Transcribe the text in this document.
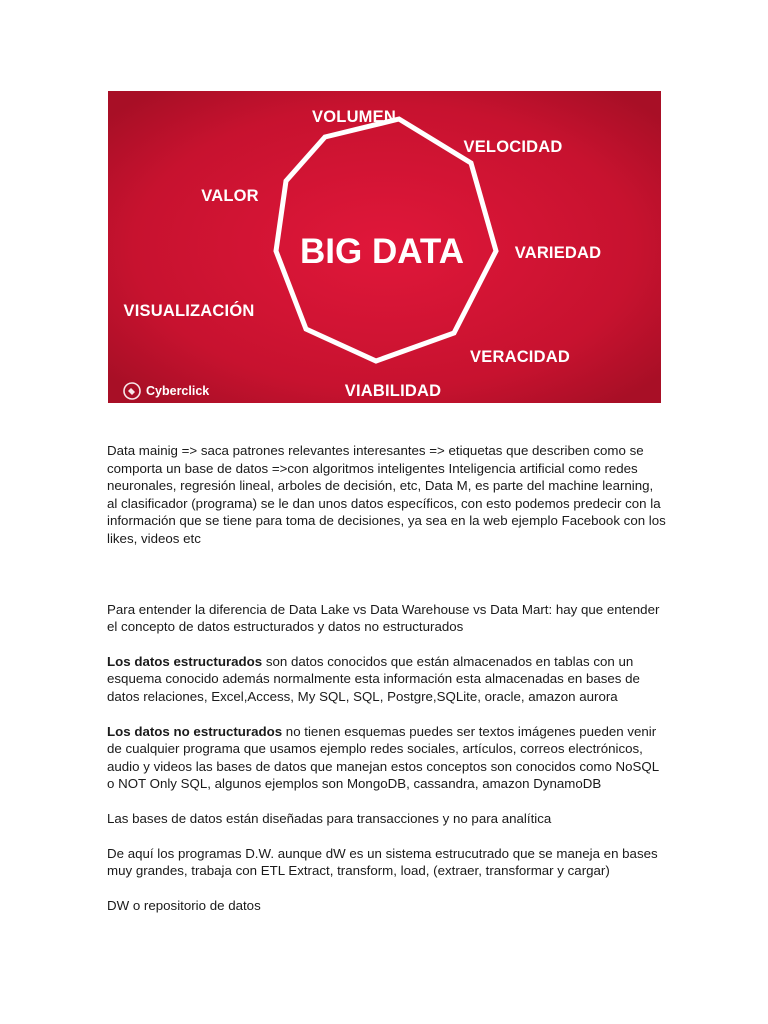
BIG DATA
VOLUMEN
VELOCIDAD
VALOR
VARIEDAD
VISUALIZACIÓN
VERACIDAD
VIABILIDAD
Cyberclick

Data mainig => saca patrones relevantes interesantes => etiquetas que describen como se comporta un base de datos =>con algoritmos inteligentes Inteligencia artificial como redes neuronales, regresión lineal, arboles de decisión, etc, Data M, es parte del machine learning, al clasificador (programa) se le dan unos datos específicos, con esto podemos predecir con la información que se tiene para toma de decisiones, ya sea en la web ejemplo Facebook con los likes, videos etc

Para entender la diferencia de Data Lake vs Data Warehouse vs Data Mart: hay que entender el concepto de datos estructurados y datos no estructurados

Los datos estructurados son datos conocidos que están almacenados en tablas con un esquema conocido además normalmente esta información esta almacenadas en bases de datos relaciones, Excel,Access, My SQL, SQL, Postgre,SQLite, oracle, amazon aurora

Los datos no estructurados no tienen esquemas puedes ser textos imágenes pueden venir de cualquier programa que usamos ejemplo redes sociales, artículos, correos electrónicos, audio y videos las bases de datos que manejan estos conceptos son conocidos como NoSQL o NOT Only SQL, algunos ejemplos son MongoDB, cassandra, amazon DynamoDB

Las bases de datos están diseñadas para transacciones y no para analítica

De aquí los programas D.W. aunque dW es un sistema estrucutrado que se maneja en bases muy grandes, trabaja con ETL Extract, transform, load, (extraer, transformar y cargar)

DW o repositorio de datos
